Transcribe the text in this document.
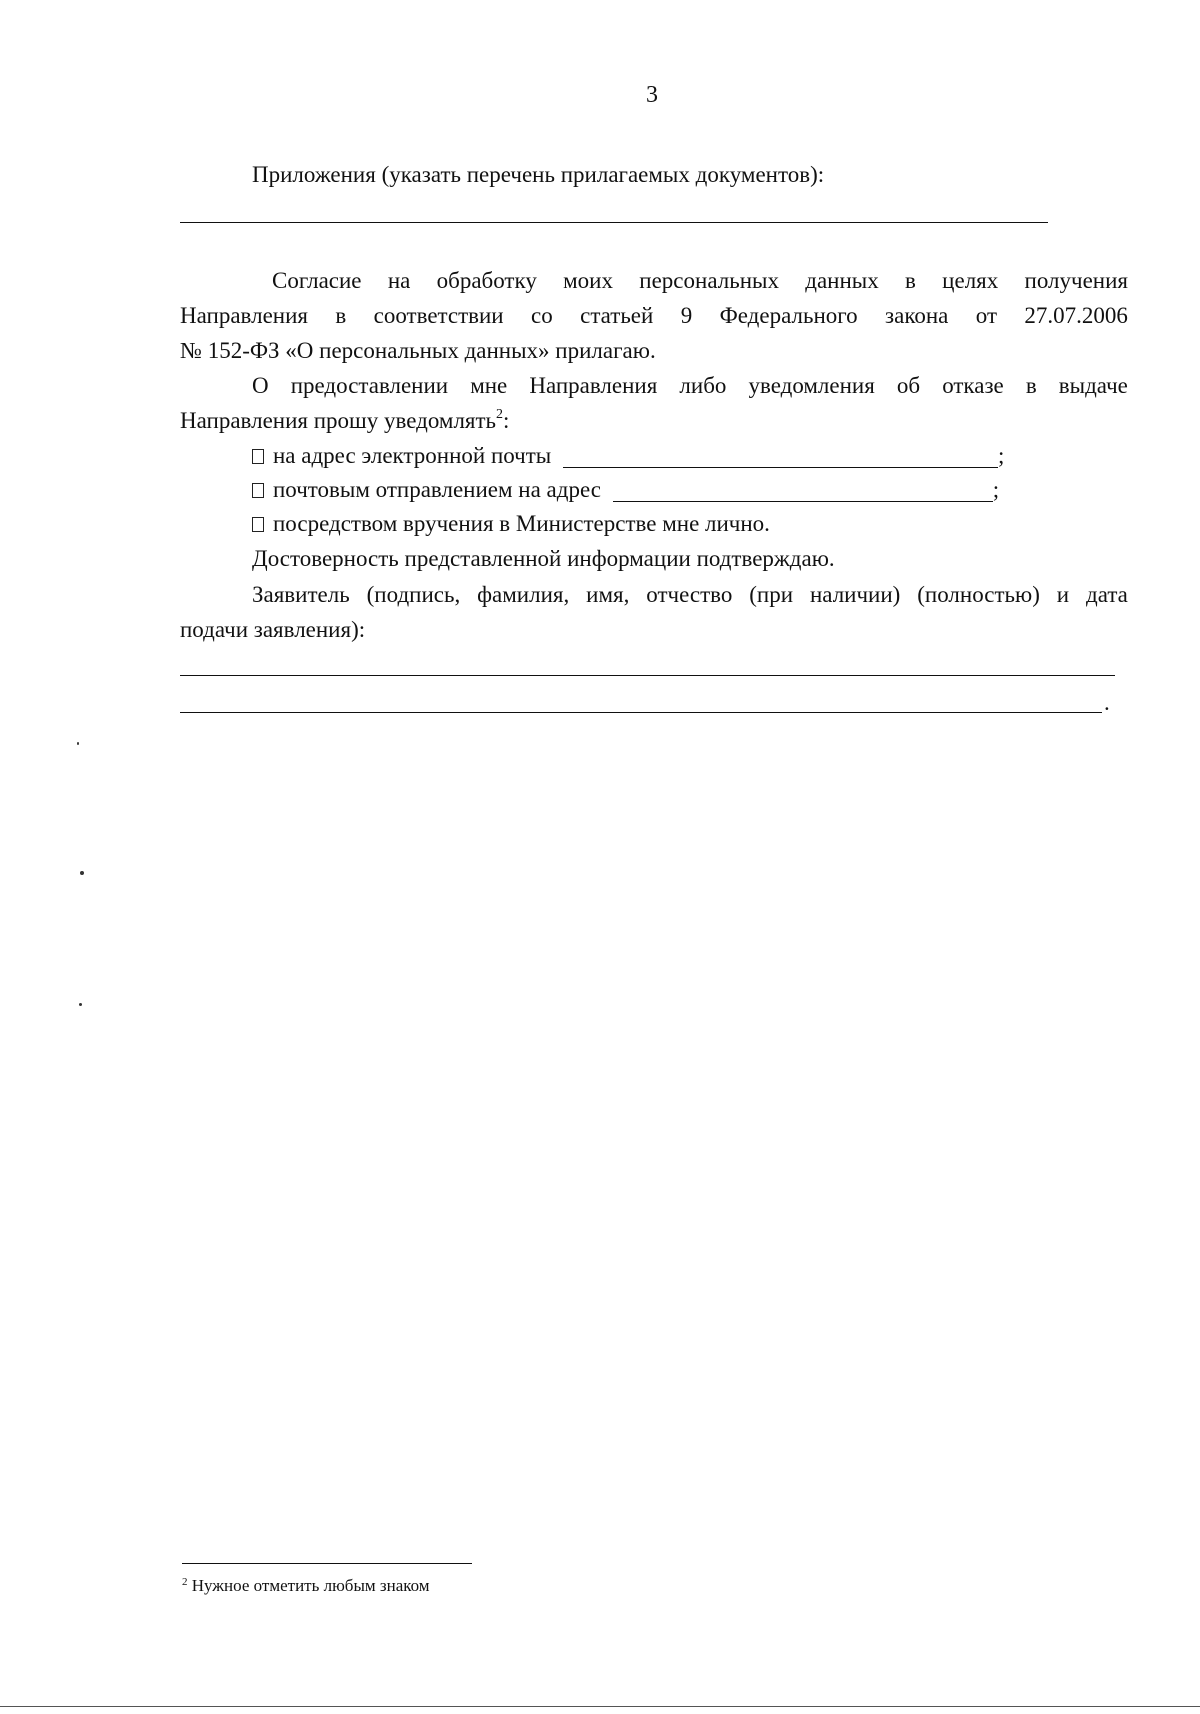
3
Приложения (указать перечень прилагаемых документов):
Согласие на обработку моих персональных данных в целях получения
Направления в соответствии со статьей 9 Федерального закона от 27.07.2006
№ 152-ФЗ «О персональных данных» прилагаю.
О предоставлении мне Направления либо уведомления об отказе в выдаче
Направления прошу уведомлять$^2$:
на адрес электронной почты	;
почтовым отправлением на адрес	;
посредством вручения в Министерстве мне лично.
Достоверность представленной информации подтверждаю.
Заявитель (подпись, фамилия, имя, отчество (при наличии) (полностью) и дата
подачи заявления):
.
$^2$ Нужное отметить любым знаком
